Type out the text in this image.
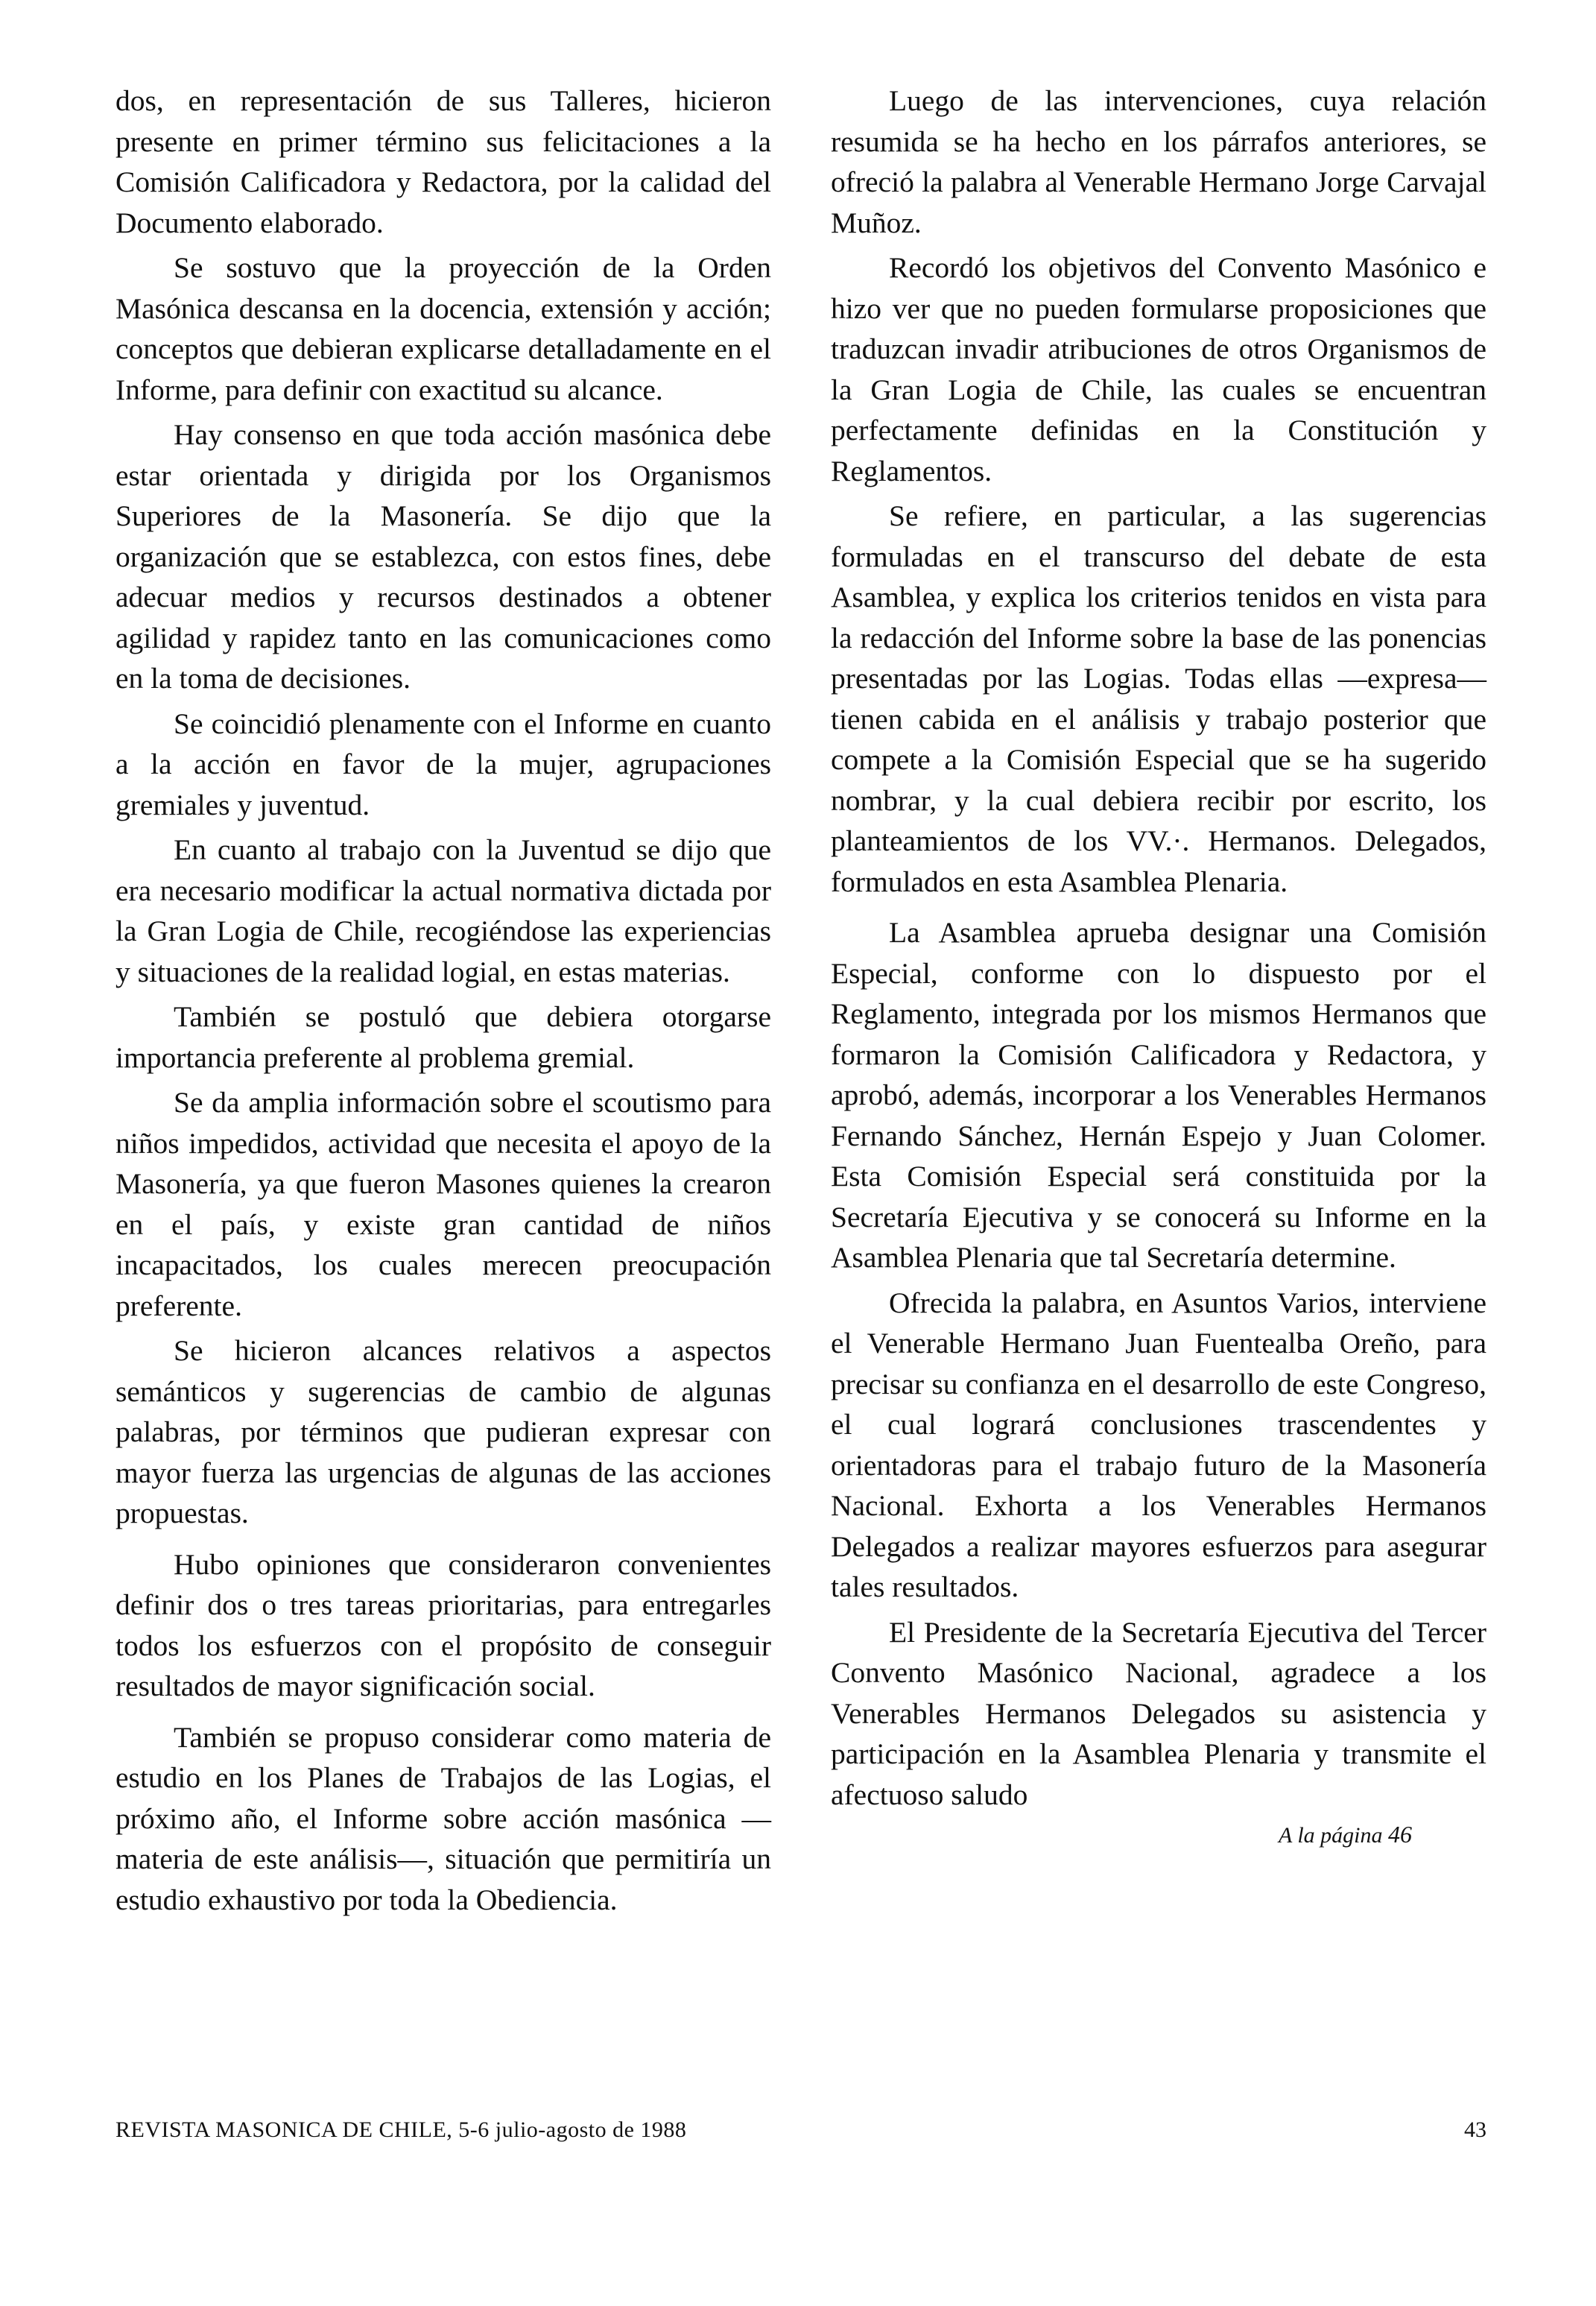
dos, en representación de sus Talleres, hicieron presente en primer término sus felicitaciones a la Comisión Calificadora y Redactora, por la calidad del Documento elaborado.

Se sostuvo que la proyección de la Orden Masónica descansa en la docencia, extensión y acción; conceptos que debieran explicarse detalladamente en el Informe, para definir con exactitud su alcance.

Hay consenso en que toda acción masónica debe estar orientada y dirigida por los Organismos Superiores de la Masonería. Se dijo que la organización que se establezca, con estos fines, debe adecuar medios y recursos destinados a obtener agilidad y rapidez tanto en las comunicaciones como en la toma de decisiones.

Se coincidió plenamente con el Informe en cuanto a la acción en favor de la mujer, agrupaciones gremiales y juventud.

En cuanto al trabajo con la Juventud se dijo que era necesario modificar la actual normativa dictada por la Gran Logia de Chile, recogiéndose las experiencias y situaciones de la realidad logial, en estas materias.

También se postuló que debiera otorgarse importancia preferente al problema gremial.

Se da amplia información sobre el scoutismo para niños impedidos, actividad que necesita el apoyo de la Masonería, ya que fueron Masones quienes la crearon en el país, y existe gran cantidad de niños incapacitados, los cuales merecen preocupación preferente.

Se hicieron alcances relativos a aspectos semánticos y sugerencias de cambio de algunas palabras, por términos que pudieran expresar con mayor fuerza las urgencias de algunas de las acciones propuestas.

Hubo opiniones que consideraron convenientes definir dos o tres tareas prioritarias, para entregarles todos los esfuerzos con el propósito de conseguir resultados de mayor significación social.

También se propuso considerar como materia de estudio en los Planes de Trabajos de las Logias, el próximo año, el Informe sobre acción masónica —materia de este análisis—, situación que permitiría un estudio exhaustivo por toda la Obediencia.

Luego de las intervenciones, cuya relación resumida se ha hecho en los párrafos anteriores, se ofreció la palabra al Venerable Hermano Jorge Carvajal Muñoz.

Recordó los objetivos del Convento Masónico e hizo ver que no pueden formularse proposiciones que traduzcan invadir atribuciones de otros Organismos de la Gran Logia de Chile, las cuales se encuentran perfectamente definidas en la Constitución y Reglamentos.

Se refiere, en particular, a las sugerencias formuladas en el transcurso del debate de esta Asamblea, y explica los criterios tenidos en vista para la redacción del Informe sobre la base de las ponencias presentadas por las Logias. Todas ellas —expresa— tienen cabida en el análisis y trabajo posterior que compete a la Comisión Especial que se ha sugerido nombrar, y la cual debiera recibir por escrito, los planteamientos de los VV.·. Hermanos. Delegados, formulados en esta Asamblea Plenaria.

La Asamblea aprueba designar una Comisión Especial, conforme con lo dispuesto por el Reglamento, integrada por los mismos Hermanos que formaron la Comisión Calificadora y Redactora, y aprobó, además, incorporar a los Venerables Hermanos Fernando Sánchez, Hernán Espejo y Juan Colomer. Esta Comisión Especial será constituida por la Secretaría Ejecutiva y se conocerá su Informe en la Asamblea Plenaria que tal Secretaría determine.

Ofrecida la palabra, en Asuntos Varios, interviene el Venerable Hermano Juan Fuentealba Oreño, para precisar su confianza en el desarrollo de este Congreso, el cual logrará conclusiones trascendentes y orientadoras para el trabajo futuro de la Masonería Nacional. Exhorta a los Venerables Hermanos Delegados a realizar mayores esfuerzos para asegurar tales resultados.

El Presidente de la Secretaría Ejecutiva del Tercer Convento Masónico Nacional, agradece a los Venerables Hermanos Delegados su asistencia y participación en la Asamblea Plenaria y transmite el afectuoso saludo

A la página 46
REVISTA MASONICA DE CHILE, 5-6 julio-agosto de 1988	43
